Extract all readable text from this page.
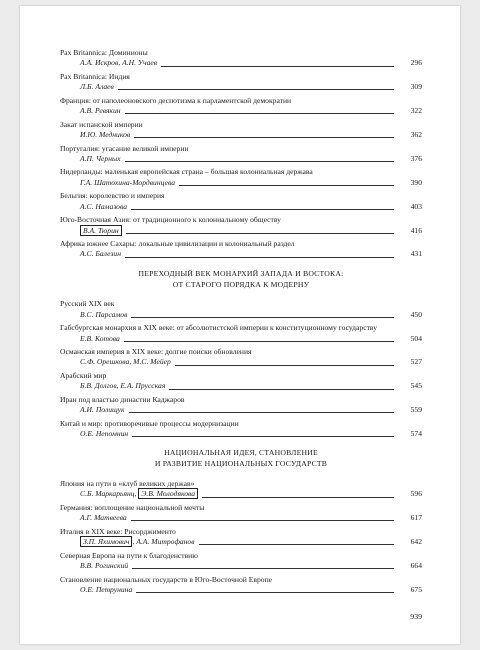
Pax Britannica: Доминионы
А.А. Искров, А.Н. Учаев	296
Pax Britannica: Индия
Л.Б. Алаев	309
Франция: от наполеоновского деспотизма к парламентской демократии
А.В. Ревякин	322
Закат испанской империи
И.Ю. Медников	362
Португалия: угасание великой империи
А.П. Черных	376
Нидерланды: маленькая европейская страна – большая колониальная держава
Г.А. Шатохина-Мордвинцева	390
Бельгия: королевство и империя
А.С. Намазова	403
Юго-Восточная Азия: от традиционного к колониальному обществу
В.А. Тюрин	416
Африка южнее Сахары: локальные цивилизации и колониальный раздел
А.С. Балезин	431
ПЕРЕХОДНЫЙ ВЕК МОНАРХИЙ ЗАПАДА И ВОСТОКА:
ОТ СТАРОГО ПОРЯДКА К МОДЕРНУ
Русский XIX век
В.С. Парсамов	450
Габсбургская монархия в XIX веке: от абсолютистской империи к конституционному государству
Е.В. Котова	504
Османская империя в XIX веке: долгие поиски обновления
С.Ф. Орешкова, М.С. Мейер	527
Арабский мир
Б.В. Долгов, Е.А. Прусская	545
Иран под властью династии Каджаров
А.И. Полищук	559
Китай и мир: противоречивые процессы модернизации
О.Е. Непомнин	574
НАЦИОНАЛЬНАЯ ИДЕЯ, СТАНОВЛЕНИЕ
И РАЗВИТИЕ НАЦИОНАЛЬНЫХ ГОСУДАРСТВ
Япония на пути в «клуб великих держав»
С.Б. Маркарьянц, Э.В. Молодякова	596
Германия: воплощение национальной мечты
А.Г. Матвеева	617
Италия в XIX веке: Рисорджименто
З.П. Яхимович , А.А. Митрофанов	642
Северная Европа на пути к благоденствию
В.В. Рогинский	664
Становление национальных государств в Юго-Восточной Европе
О.Е. Петрунина	675
939
